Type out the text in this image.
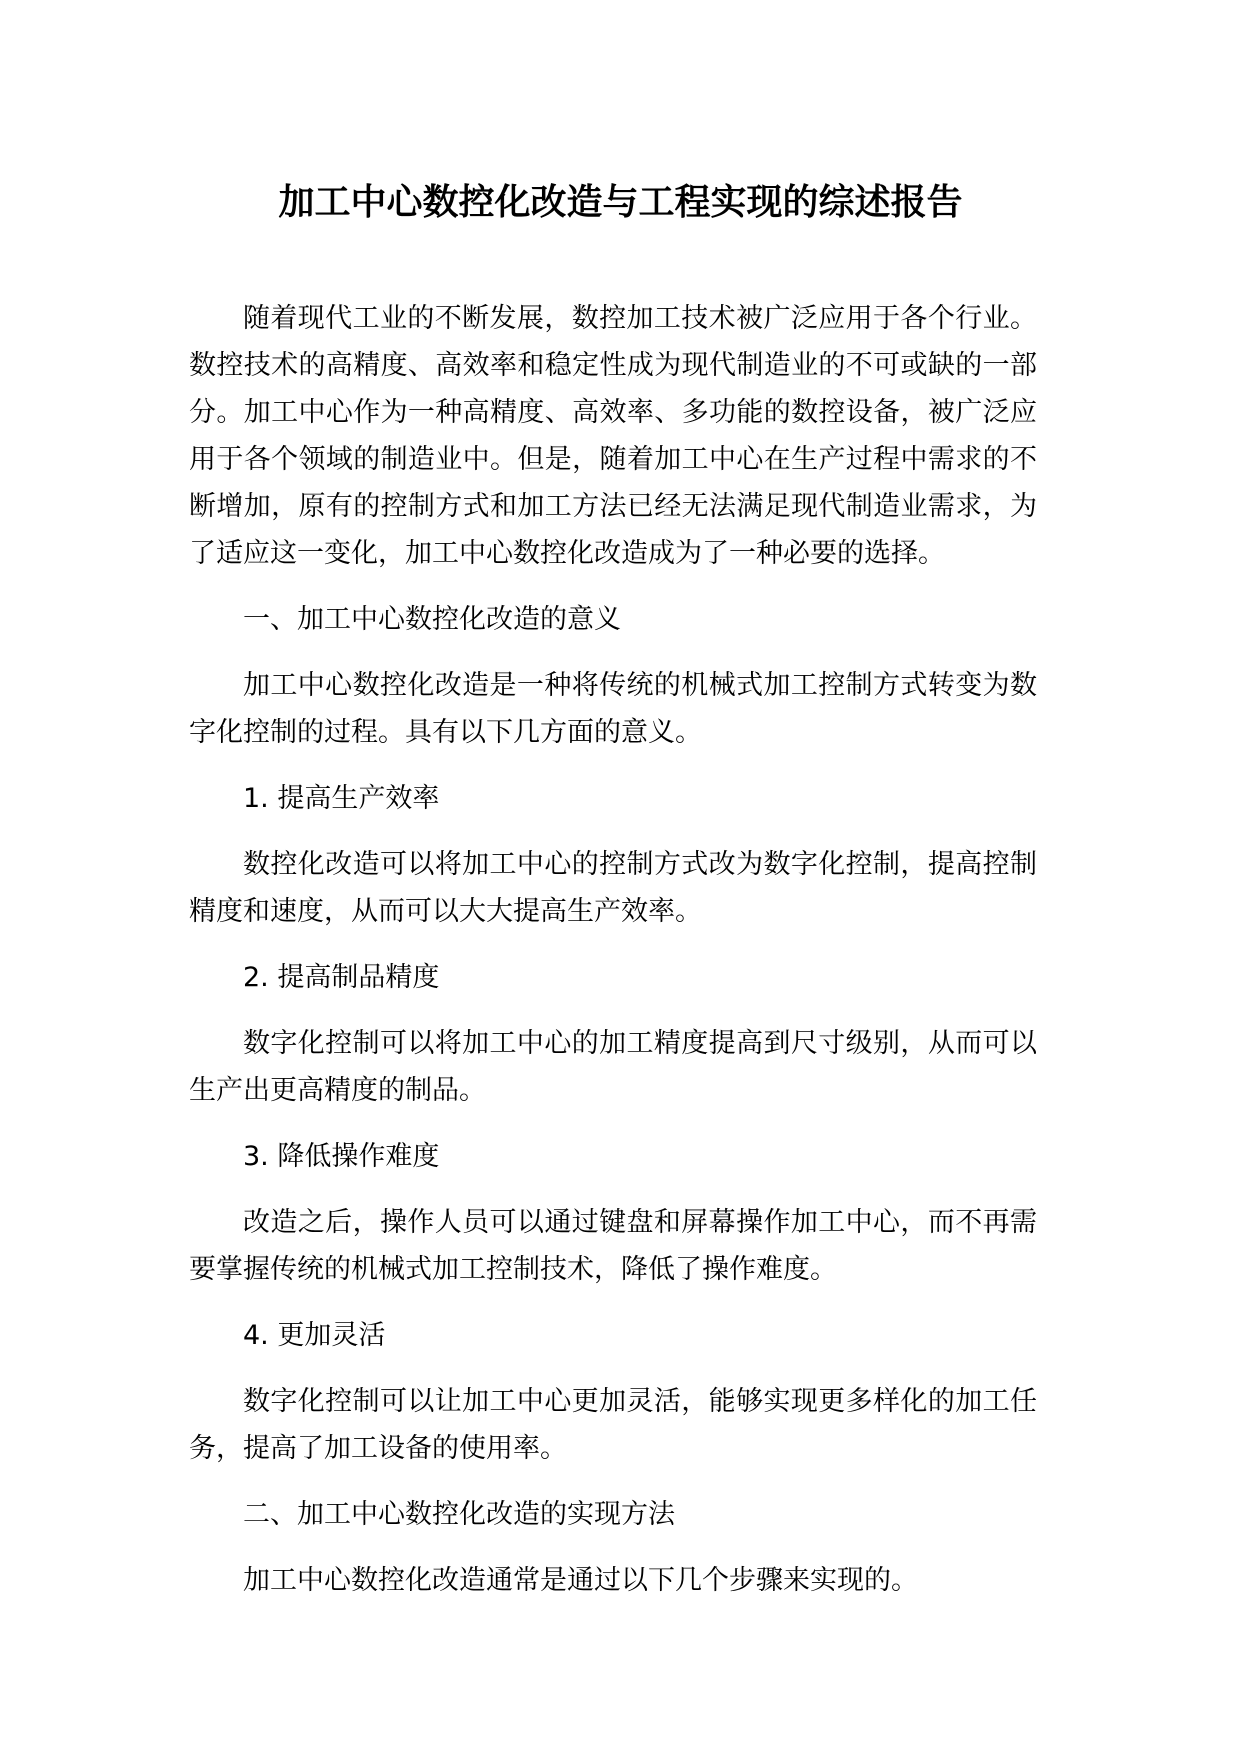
加工中心数控化改造与工程实现的综述报告

随着现代工业的不断发展，数控加工技术被广泛应用于各个行业。数控技术的高精度、高效率和稳定性成为现代制造业的不可或缺的一部分。加工中心作为一种高精度、高效率、多功能的数控设备，被广泛应用于各个领域的制造业中。但是，随着加工中心在生产过程中需求的不断增加，原有的控制方式和加工方法已经无法满足现代制造业需求，为了适应这一变化，加工中心数控化改造成为了一种必要的选择。

一、加工中心数控化改造的意义

加工中心数控化改造是一种将传统的机械式加工控制方式转变为数字化控制的过程。具有以下几方面的意义。

1. 提高生产效率

数控化改造可以将加工中心的控制方式改为数字化控制，提高控制精度和速度，从而可以大大提高生产效率。

2. 提高制品精度

数字化控制可以将加工中心的加工精度提高到尺寸级别，从而可以生产出更高精度的制品。

3. 降低操作难度

改造之后，操作人员可以通过键盘和屏幕操作加工中心，而不再需要掌握传统的机械式加工控制技术，降低了操作难度。

4. 更加灵活

数字化控制可以让加工中心更加灵活，能够实现更多样化的加工任务，提高了加工设备的使用率。

二、加工中心数控化改造的实现方法

加工中心数控化改造通常是通过以下几个步骤来实现的。
